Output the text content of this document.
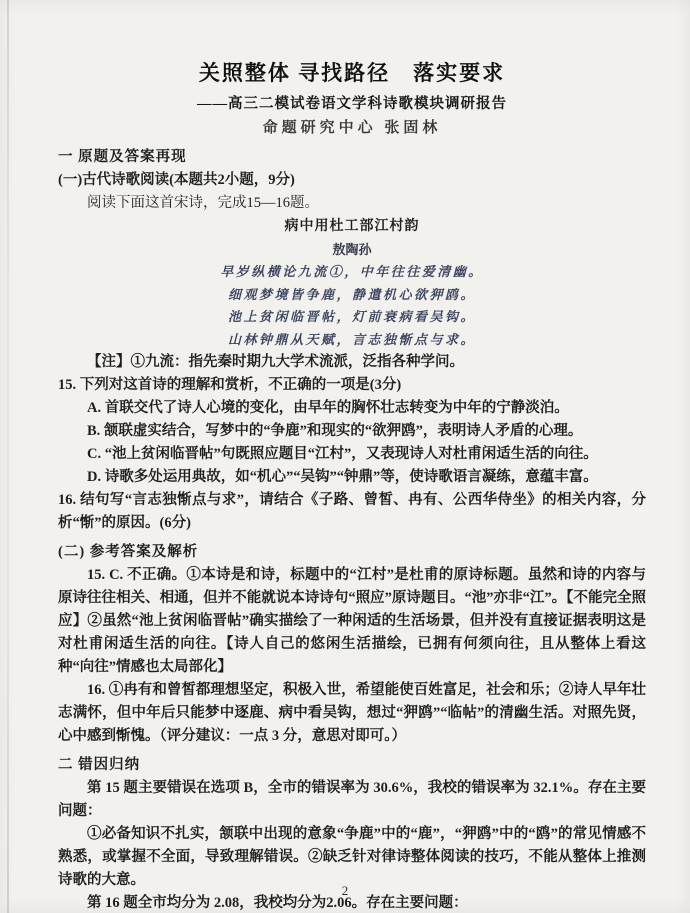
关照整体 寻找路径　落实要求
——高三二模试卷语文学科诗歌模块调研报告
命题研究中心 张固林
一 原题及答案再现
(一)古代诗歌阅读(本题共2小题，9分)
阅读下面这首宋诗，完成15—16题。
病中用杜工部江村韵
敖陶孙
早岁纵横论九流①，中年往往爱清幽。
细观梦境皆争鹿，静遣机心欲狎鸥。
池上贫闲临晋帖，灯前衰病看吴钩。
山林钟鼎从天赋，言志独惭点与求。
【注】①九流：指先秦时期九大学术流派，泛指各种学问。
15. 下列对这首诗的理解和赏析，不正确的一项是(3分)
A. 首联交代了诗人心境的变化，由早年的胸怀壮志转变为中年的宁静淡泊。
B. 颔联虚实结合，写梦中的“争鹿”和现实的“欲狎鸥”，表明诗人矛盾的心理。
C. “池上贫闲临晋帖”句既照应题目“江村”，又表现诗人对杜甫闲适生活的向往。
D. 诗歌多处运用典故，如“机心”“吴钩”“钟鼎”等，使诗歌语言凝练，意蕴丰富。
16. 结句写“言志独惭点与求”，请结合《子路、曾皙、冉有、公西华侍坐》的相关内容，分析“惭”的原因。(6分)
(二) 参考答案及解析
15. C. 不正确。①本诗是和诗，标题中的“江村”是杜甫的原诗标题。虽然和诗的内容与原诗往往相关、相通，但并不能就说本诗诗句“照应”原诗题目。“池”亦非“江”。【不能完全照应】②虽然“池上贫闲临晋帖”确实描绘了一种闲适的生活场景，但并没有直接证据表明这是对杜甫闲适生活的向往。【诗人自己的悠闲生活描绘，已拥有何须向往，且从整体上看这种“向往”情感也太局部化】
16. ①冉有和曾皙都理想坚定，积极入世，希望能使百姓富足，社会和乐；②诗人早年壮志满怀，但中年后只能梦中逐鹿、病中看吴钩，想过“狎鸥”“临帖”的清幽生活。对照先贤，心中感到惭愧。（评分建议：一点 3 分，意思对即可。）
二 错因归纳
第 15 题主要错误在选项 B，全市的错误率为 30.6%，我校的错误率为 32.1%。存在主要问题：
①必备知识不扎实，颔联中出现的意象“争鹿”中的“鹿”，“狎鸥”中的“鸥”的常见情感不熟悉，或掌握不全面，导致理解错误。②缺乏针对律诗整体阅读的技巧，不能从整体上推测诗歌的大意。
第 16 题全市均分为 2.08，我校均分为2.06。存在主要问题：
2
